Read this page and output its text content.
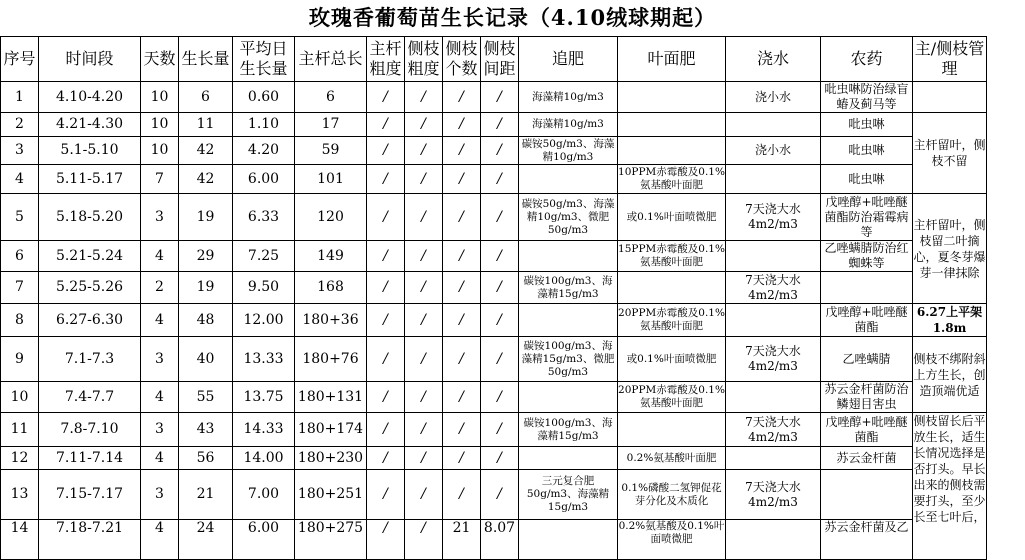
玫瑰香葡萄苗生长记录（4.10绒球期起）
序号	时间段	天数	生长量	平均日生长量	主杆总长	主杆粗度	侧枝粗度	侧枝个数	侧枝间距	追肥	叶面肥	浇水	农药	主/侧枝管理
1	4.10-4.20	10	6	0.60	6	/	/	/	/	海藻精10g/m3		浇小水	吡虫啉防治绿盲蝽及蓟马等	
2	4.21-4.30	10	11	1.10	17	/	/	/	/	海藻精10g/m3			吡虫啉	主杆留叶，侧枝不留
3	5.1-5.10	10	42	4.20	59	/	/	/	/	碳铵50g/m3、海藻精10g/m3		浇小水	吡虫啉	
4	5.11-5.17	7	42	6.00	101	/	/	/	/		10PPM赤霉酸及0.1%氨基酸叶面肥		吡虫啉	
5	5.18-5.20	3	19	6.33	120	/	/	/	/	碳铵50g/m3、海藻精10g/m3、微肥50g/m3	或0.1%叶面喷微肥	7天浇大水4m2/m3	戊唑醇+吡唑醚菌酯防治霜霉病等	主杆留叶，侧枝留二叶摘心，夏冬芽爆芽一律抹除
6	5.21-5.24	4	29	7.25	149	/	/	/	/		15PPM赤霉酸及0.1%氨基酸叶面肥		乙唑螨腈防治红蜘蛛等	
7	5.25-5.26	2	19	9.50	168	/	/	/	/	碳铵100g/m3、海藻精15g/m3		7天浇大水4m2/m3		
8	6.27-6.30	4	48	12.00	180+36	/	/	/	/		20PPM赤霉酸及0.1%氨基酸叶面肥		戊唑醇+吡唑醚菌酯	6.27上平架1.8m
9	7.1-7.3	3	40	13.33	180+76	/	/	/	/	碳铵100g/m3、海藻精15g/m3、微肥50g/m3	或0.1%叶面喷微肥	7天浇大水4m2/m3	乙唑螨腈	侧枝不绑附斜上方生长，创造顶端优适
10	7.4-7.7	4	55	13.75	180+131	/	/	/	/		20PPM赤霉酸及0.1%氨基酸叶面肥		苏云金杆菌防治鳞翅目害虫	
11	7.8-7.10	3	43	14.33	180+174	/	/	/	/	碳铵100g/m3、海藻精15g/m3		7天浇大水4m2/m3	戊唑醇+吡唑醚菌酯	侧枝留长后平放生长，适生长情况选择是否打头。早长出来的侧枝需要打头，至少长至七叶后，
12	7.11-7.14	4	56	14.00	180+230	/	/	/	/		0.2%氨基酸叶面肥		苏云金杆菌	
13	7.15-7.17	3	21	7.00	180+251	/	/	/	/	三元复合肥50g/m3、海藻精15g/m3	0.1%磷酸二氢钾促花芽分化及木质化	7天浇大水4m2/m3		
14	7.18-7.21	4	24	6.00	180+275	/	/	21	8.07		0.2%氨基酸及0.1%叶面喷微肥		苏云金杆菌及乙	
